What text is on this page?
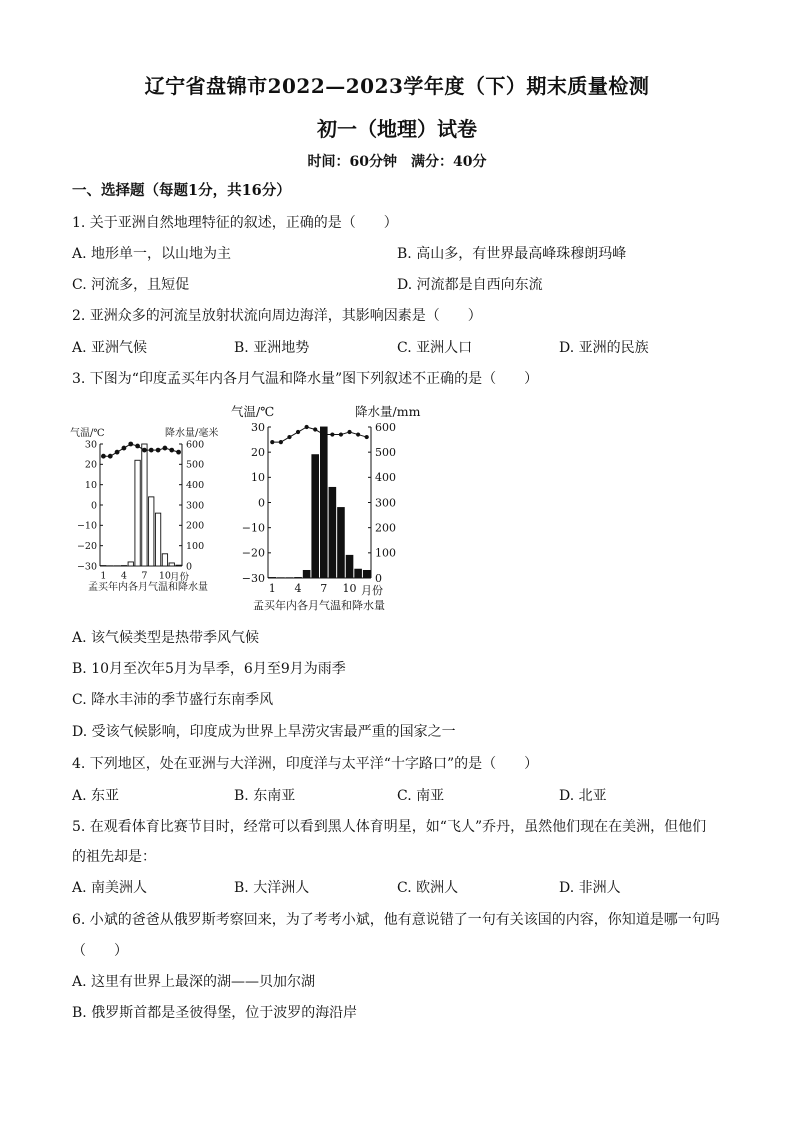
辽宁省盘锦市2022—2023学年度（下）期末质量检测
初一（地理）试卷
时间：60分钟　满分：40分
一、选择题（每题1分，共16分）
1. 关于亚洲自然地理特征的叙述，正确的是（　　）
A. 地形单一，以山地为主	B. 高山多，有世界最高峰珠穆朗玛峰
C. 河流多，且短促	D. 河流都是自西向东流
2. 亚洲众多的河流呈放射状流向周边海洋，其影响因素是（　　）
A. 亚洲气候	B. 亚洲地势	C. 亚洲人口	D. 亚洲的民族
3. 下图为“印度孟买年内各月气温和降水量”图下列叙述不正确的是（　　）
气温/℃	降水量/毫米
孟买年内各月气温和降水量
月份
30
20
10
0
−10
−20
−30
600
500
400
300
200
100
0
1 4 7 10
气温/℃	降水量/mm
孟买年内各月气温和降水量
月份
30
20
10
0
−10
−20
−30
600
500
400
300
200
100
0
1 4 7 10
A. 该气候类型是热带季风气候
B. 10月至次年5月为旱季，6月至9月为雨季
C. 降水丰沛的季节盛行东南季风
D. 受该气候影响，印度成为世界上旱涝灾害最严重的国家之一
4. 下列地区，处在亚洲与大洋洲，印度洋与太平洋“十字路口”的是（　　）
A. 东亚	B. 东南亚	C. 南亚	D. 北亚
5. 在观看体育比赛节目时，经常可以看到黑人体育明星，如“飞人”乔丹，虽然他们现在在美洲，但他们
的祖先却是：
A. 南美洲人	B. 大洋洲人	C. 欧洲人	D. 非洲人
6. 小斌的爸爸从俄罗斯考察回来，为了考考小斌，他有意说错了一句有关该国的内容，你知道是哪一句吗
（　　）
A. 这里有世界上最深的湖——贝加尔湖
B. 俄罗斯首都是圣彼得堡，位于波罗的海沿岸
